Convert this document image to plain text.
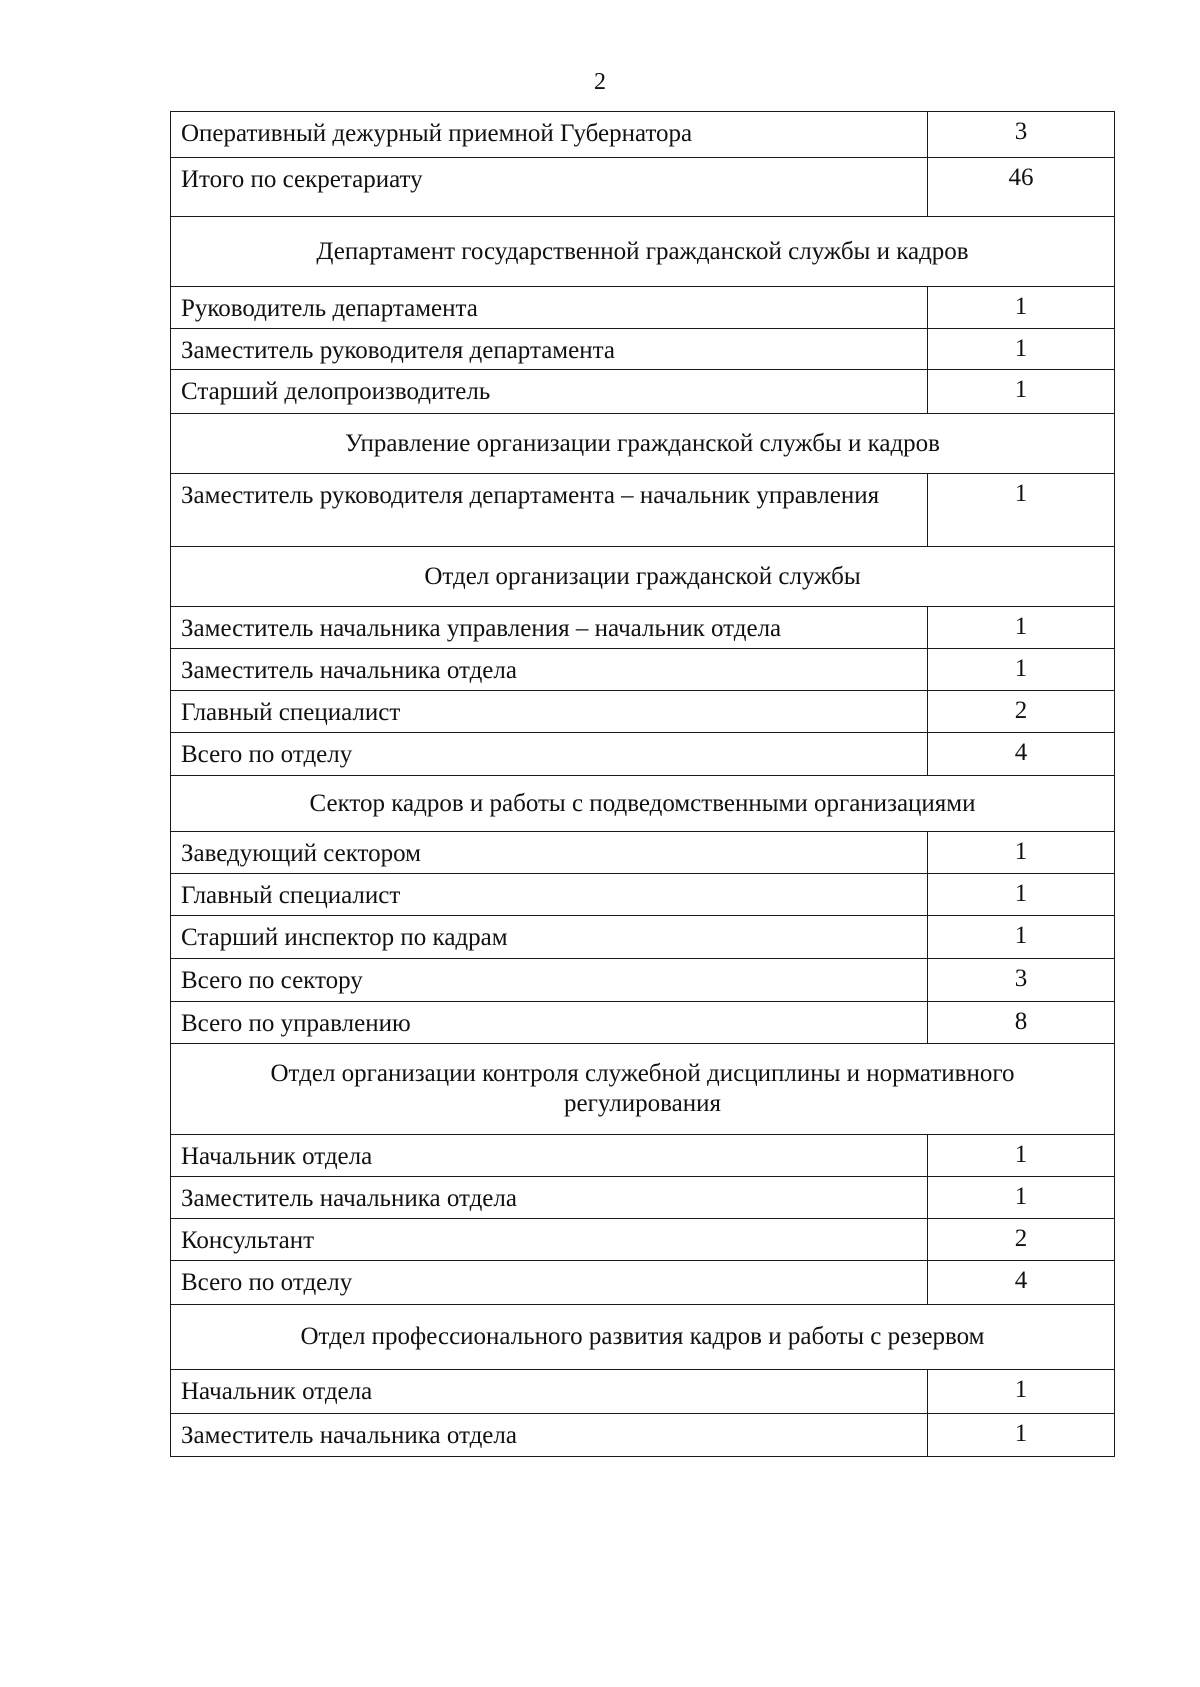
2
Оперативный дежурный приемной Губернатора	3
Итого по секретариату	46
Департамент государственной гражданской службы и кадров	
Руководитель департамента	1
Заместитель руководителя департамента	1
Старший делопроизводитель	1
Управление организации гражданской службы и кадров	
Заместитель руководителя департамента – начальник управления	1
Отдел организации гражданской службы	
Заместитель начальника управления – начальник отдела	1
Заместитель начальника отдела	1
Главный специалист	2
Всего по отделу	4
Сектор кадров и работы с подведомственными организациями	
Заведующий сектором	1
Главный специалист	1
Старший инспектор по кадрам	1
Всего по сектору	3
Всего по управлению	8
Отдел организации контроля служебной дисциплины и нормативного регулирования	
Начальник отдела	1
Заместитель начальника отдела	1
Консультант	2
Всего по отделу	4
Отдел профессионального развития кадров и работы с резервом	
Начальник отдела	1
Заместитель начальника отдела	1
